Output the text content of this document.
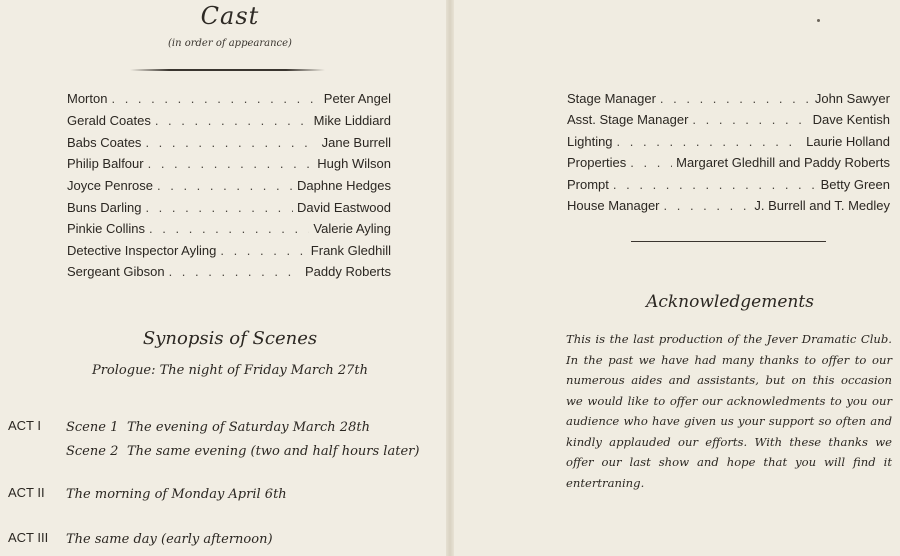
Cast
(in order of appearance)
Morton . . .	Peter Angel
Gerald Coates . . .	Mike Liddiard
Babs Coates . . .	Jane Burrell
Philip Balfour . . .	Hugh Wilson
Joyce Penrose . . .	Daphne Hedges
Buns Darling . . .	David Eastwood
Pinkie Collins . . .	Valerie Ayling
Detective Inspector Ayling . . .	Frank Gledhill
Sergeant Gibson . . .	Paddy Roberts
Synopsis of Scenes
Prologue: The night of Friday March 27th
ACT I Scene 1 The evening of Saturday March 28th
Scene 2 The same evening (two and half hours later)
ACT II The morning of Monday April 6th
ACT III The same day (early afternoon)
Stage Manager . . .	John Sawyer
Asst. Stage Manager . . .	Dave Kentish
Lighting . . .	Laurie Holland
Properties . . .	Margaret Gledhill and Paddy Roberts
Prompt . . .	Betty Green
House Manager . . .	J. Burrell and T. Medley
Acknowledgements
This is the last production of the Jever Dramatic Club. In the past we have had many thanks to offer to our numerous aides and assistants, but on this occasion we would like to offer our acknowledments to you our audience who have given us your support so often and kindly applauded our efforts. With these thanks we offer our last show and hope that you will find it entertraning.
